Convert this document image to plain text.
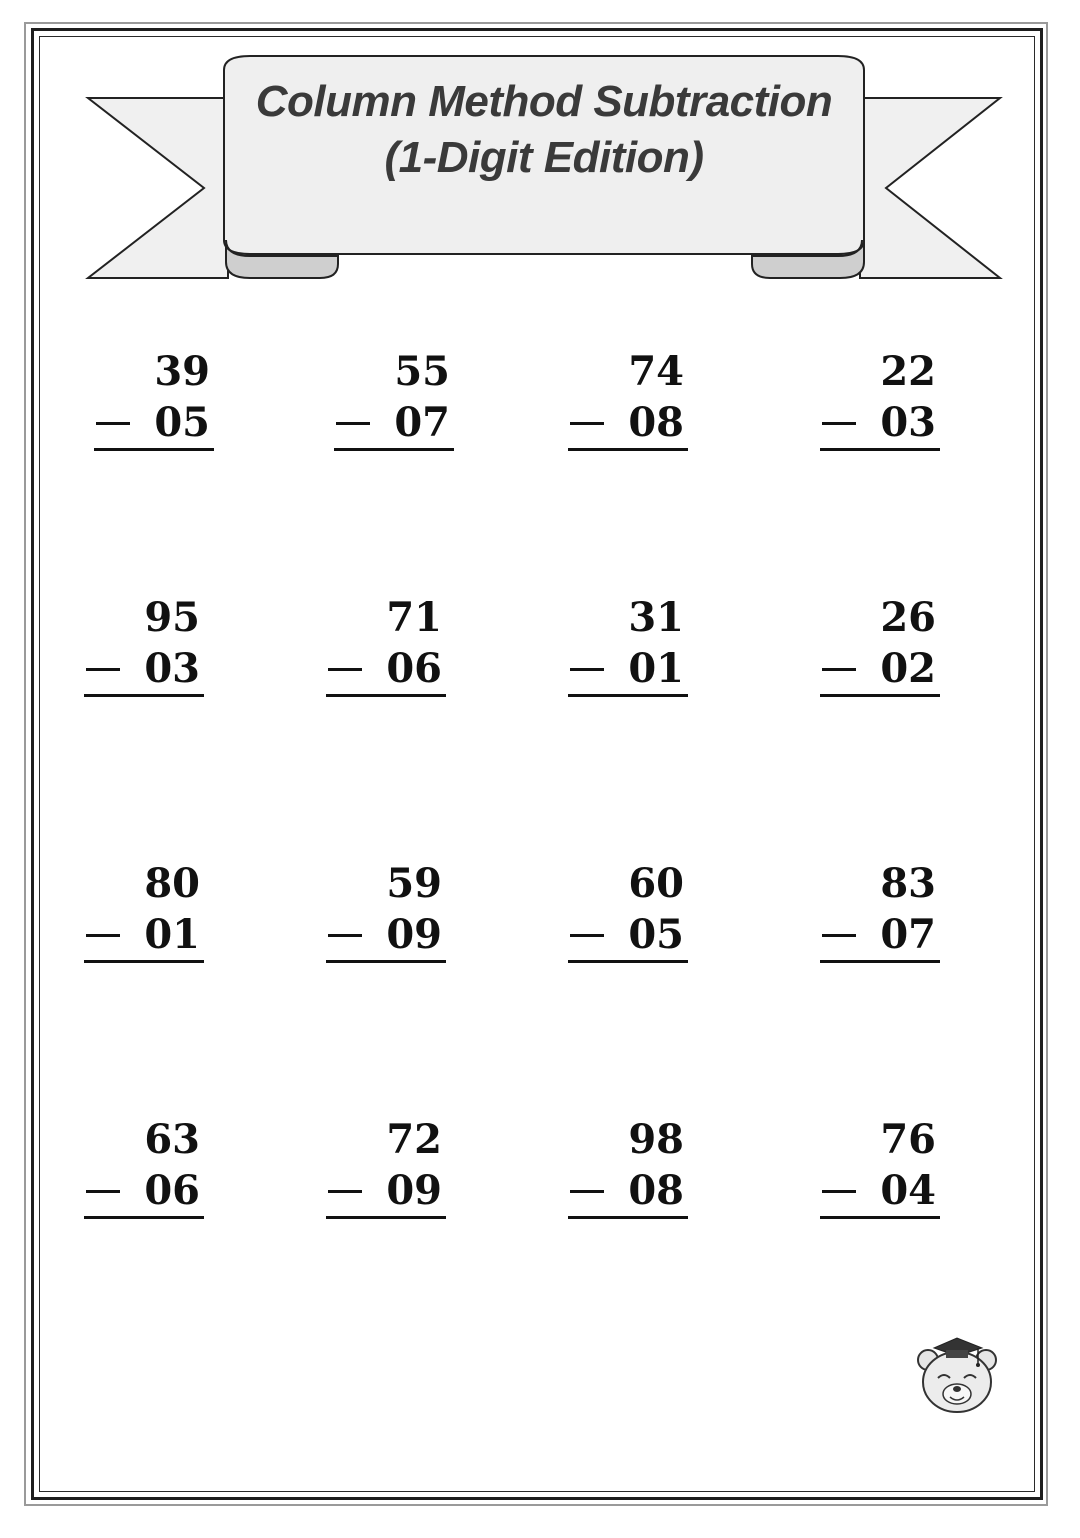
Column Method Subtraction
(1-Digit Edition)
39
05
55
07
74
08
22
03
95
03
71
06
31
01
26
02
80
01
59
09
60
05
83
07
63
06
72
09
98
08
76
04
